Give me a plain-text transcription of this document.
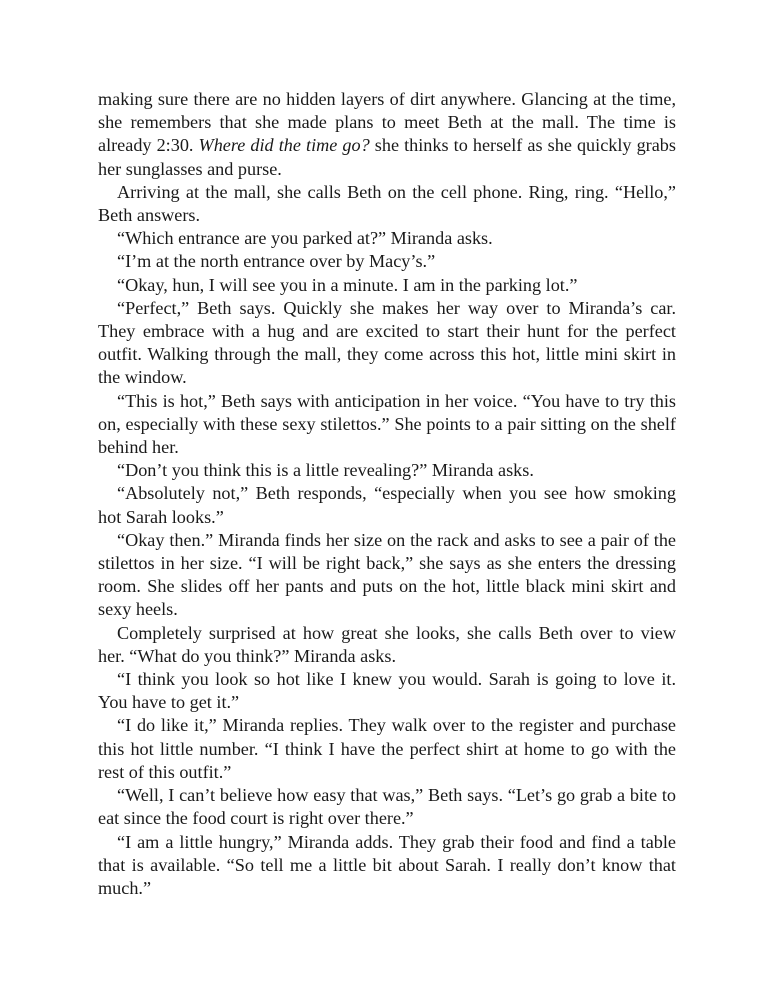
making sure there are no hidden layers of dirt anywhere. Glancing at the time, she remembers that she made plans to meet Beth at the mall. The time is already 2:30. Where did the time go? she thinks to herself as she quickly grabs her sunglasses and purse.

Arriving at the mall, she calls Beth on the cell phone. Ring, ring. “Hello,” Beth answers.

“Which entrance are you parked at?” Miranda asks.

“I’m at the north entrance over by Macy’s.”

“Okay, hun, I will see you in a minute. I am in the parking lot.”

“Perfect,” Beth says. Quickly she makes her way over to Miranda’s car. They embrace with a hug and are excited to start their hunt for the perfect outfit. Walking through the mall, they come across this hot, little mini skirt in the window.

“This is hot,” Beth says with anticipation in her voice. “You have to try this on, especially with these sexy stilettos.” She points to a pair sitting on the shelf behind her.

“Don’t you think this is a little revealing?” Miranda asks.

“Absolutely not,” Beth responds, “especially when you see how smoking hot Sarah looks.”

“Okay then.” Miranda finds her size on the rack and asks to see a pair of the stilettos in her size. “I will be right back,” she says as she enters the dressing room. She slides off her pants and puts on the hot, little black mini skirt and sexy heels.

Completely surprised at how great she looks, she calls Beth over to view her. “What do you think?” Miranda asks.

“I think you look so hot like I knew you would. Sarah is going to love it. You have to get it.”

“I do like it,” Miranda replies. They walk over to the register and purchase this hot little number. “I think I have the perfect shirt at home to go with the rest of this outfit.”

“Well, I can’t believe how easy that was,” Beth says. “Let’s go grab a bite to eat since the food court is right over there.”

“I am a little hungry,” Miranda adds. They grab their food and find a table that is available. “So tell me a little bit about Sarah. I really don’t know that much.”
